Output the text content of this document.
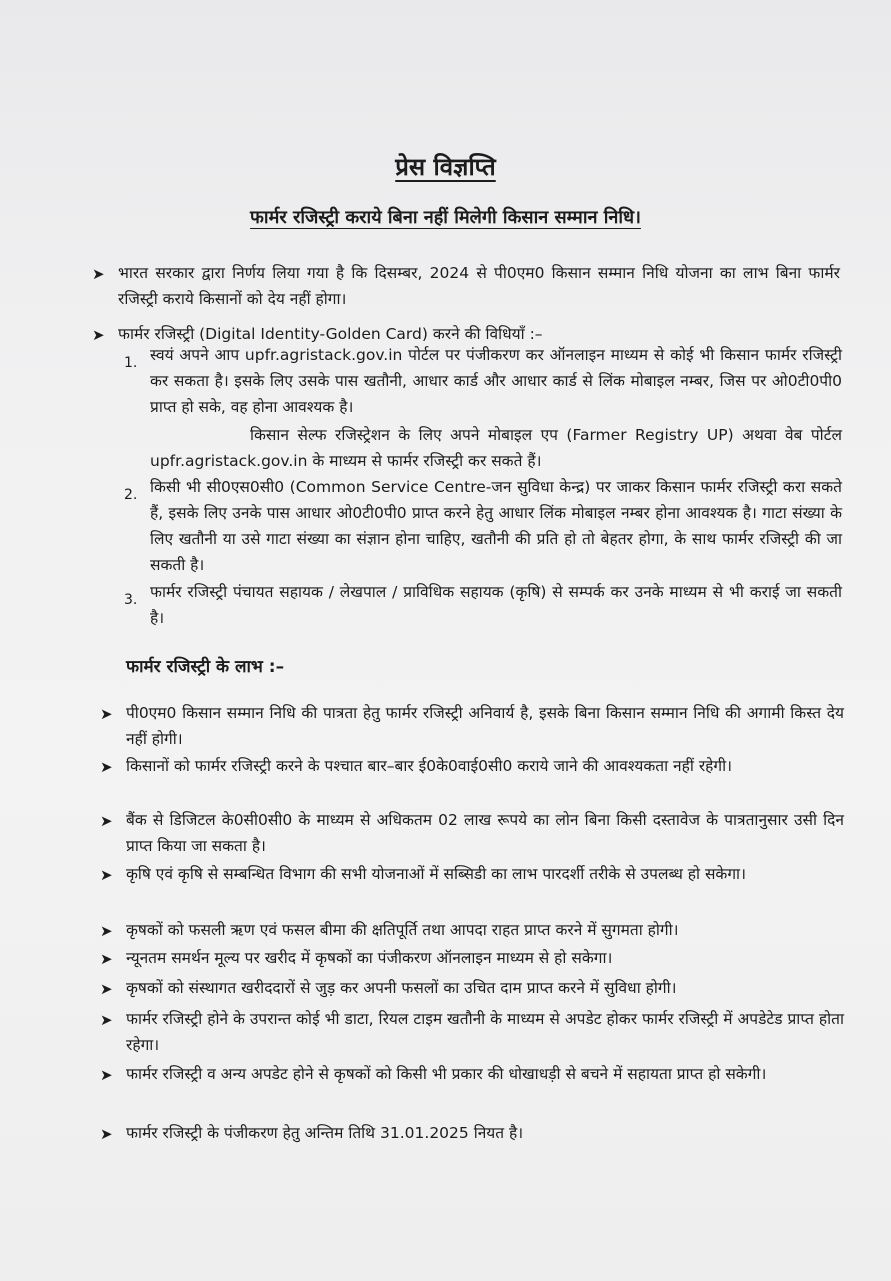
प्रेस विज्ञप्ति
फार्मर रजिस्ट्री कराये बिना नहीं मिलेगी किसान सम्मान निधि।
➤ भारत सरकार द्वारा निर्णय लिया गया है कि दिसम्बर, 2024 से पी0एम0 किसान सम्मान निधि योजना का लाभ बिना फार्मर रजिस्ट्री कराये किसानों को देय नहीं होगा।
➤ फार्मर रजिस्ट्री (Digital Identity-Golden Card) करने की विधियाँ :–
1. स्वयं अपने आप upfr.agristack.gov.in पोर्टल पर पंजीकरण कर ऑनलाइन माध्यम से कोई भी किसान फार्मर रजिस्ट्री कर सकता है। इसके लिए उसके पास खतौनी, आधार कार्ड और आधार कार्ड से लिंक मोबाइल नम्बर, जिस पर ओ0टी0पी0 प्राप्त हो सके, वह होना आवश्यक है।
किसान सेल्फ रजिस्ट्रेशन के लिए अपने मोबाइल एप (Farmer Registry UP) अथवा वेब पोर्टल upfr.agristack.gov.in के माध्यम से फार्मर रजिस्ट्री कर सकते हैं।
2. किसी भी सी0एस0सी0 (Common Service Centre-जन सुविधा केन्द्र) पर जाकर किसान फार्मर रजिस्ट्री करा सकते हैं, इसके लिए उनके पास आधार ओ0टी0पी0 प्राप्त करने हेतु आधार लिंक मोबाइल नम्बर होना आवश्यक है। गाटा संख्या के लिए खतौनी या उसे गाटा संख्या का संज्ञान होना चाहिए, खतौनी की प्रति हो तो बेहतर होगा, के साथ फार्मर रजिस्ट्री की जा सकती है।
3. फार्मर रजिस्ट्री पंचायत सहायक / लेखपाल / प्राविधिक सहायक (कृषि) से सम्पर्क कर उनके माध्यम से भी कराई जा सकती है।
फार्मर रजिस्ट्री के लाभ :–
➤ पी0एम0 किसान सम्मान निधि की पात्रता हेतु फार्मर रजिस्ट्री अनिवार्य है, इसके बिना किसान सम्मान निधि की अगामी किस्त देय नहीं होगी।
➤ किसानों को फार्मर रजिस्ट्री करने के पश्चात बार–बार ई0के0वाई0सी0 कराये जाने की आवश्यकता नहीं रहेगी।
➤ बैंक से डिजिटल के0सी0सी0 के माध्यम से अधिकतम 02 लाख रूपये का लोन बिना किसी दस्तावेज के पात्रतानुसार उसी दिन प्राप्त किया जा सकता है।
➤ कृषि एवं कृषि से सम्बन्धित विभाग की सभी योजनाओं में सब्सिडी का लाभ पारदर्शी तरीके से उपलब्ध हो सकेगा।
➤ कृषकों को फसली ऋण एवं फसल बीमा की क्षतिपूर्ति तथा आपदा राहत प्राप्त करने में सुगमता होगी।
➤ न्यूनतम समर्थन मूल्य पर खरीद में कृषकों का पंजीकरण ऑनलाइन माध्यम से हो सकेगा।
➤ कृषकों को संस्थागत खरीददारों से जुड़ कर अपनी फसलों का उचित दाम प्राप्त करने में सुविधा होगी।
➤ फार्मर रजिस्ट्री होने के उपरान्त कोई भी डाटा, रियल टाइम खतौनी के माध्यम से अपडेट होकर फार्मर रजिस्ट्री में अपडेटेड प्राप्त होता रहेगा।
➤ फार्मर रजिस्ट्री व अन्य अपडेट होने से कृषकों को किसी भी प्रकार की धोखाधड़ी से बचने में सहायता प्राप्त हो सकेगी।
➤ फार्मर रजिस्ट्री के पंजीकरण हेतु अन्तिम तिथि 31.01.2025 नियत है।
